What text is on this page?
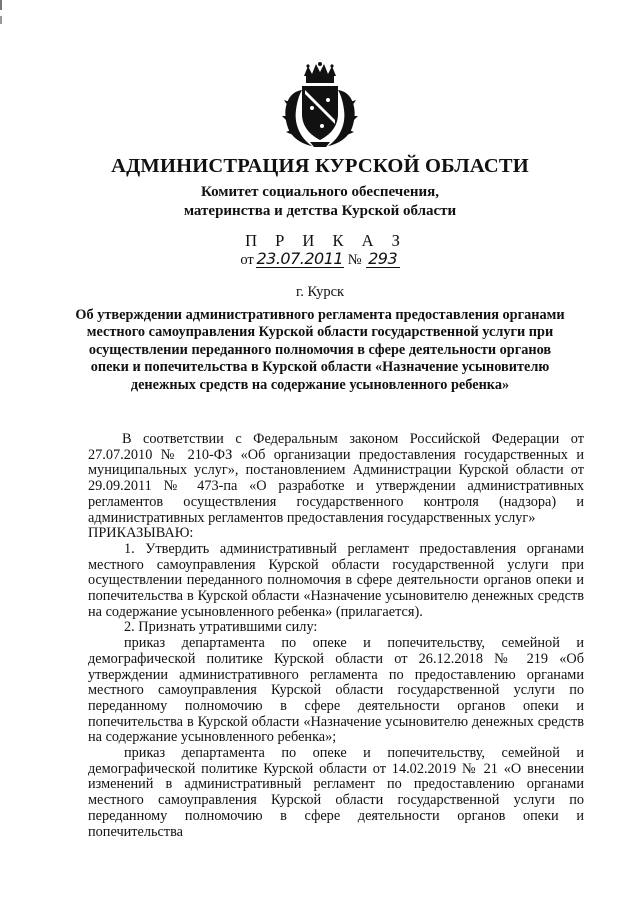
АДМИНИСТРАЦИЯ КУРСКОЙ ОБЛАСТИ
Комитет социального обеспечения,
материнства и детства Курской области
П Р И К А З
от 23.07.2011 № 293
г. Курск
Об утверждении административного регламента предоставления органами
местного самоуправления Курской области государственной услуги при
осуществлении переданного полномочия в сфере деятельности органов
опеки и попечительства в Курской области «Назначение усыновителю
денежных средств на содержание усыновленного ребенка»

В соответствии с Федеральным законом Российской Федерации от 27.07.2010 № 210-ФЗ «Об организации предоставления государственных и муниципальных услуг», постановлением Администрации Курской области от 29.09.2011 № 473-па «О разработке и утверждении административных регламентов осуществления государственного контроля (надзора) и административных регламентов предоставления государственных услуг»

ПРИКАЗЫВАЮ:

1. Утвердить административный регламент предоставления органами местного самоуправления Курской области государственной услуги при осуществлении переданного полномочия в сфере деятельности органов опеки и попечительства в Курской области «Назначение усыновителю денежных средств на содержание усыновленного ребенка» (прилагается).

2. Признать утратившими силу:

приказ департамента по опеке и попечительству, семейной и демографической политике Курской области от 26.12.2018 № 219 «Об утверждении административного регламента по предоставлению органами местного самоуправления Курской области государственной услуги по переданному полномочию в сфере деятельности органов опеки и попечительства в Курской области «Назначение усыновителю денежных средств на содержание усыновленного ребенка»;

приказ департамента по опеке и попечительству, семейной и демографической политике Курской области от 14.02.2019 № 21 «О внесении изменений в административный регламент по предоставлению органами местного самоуправления Курской области государственной услуги по переданному полномочию в сфере деятельности органов опеки и попечительства
